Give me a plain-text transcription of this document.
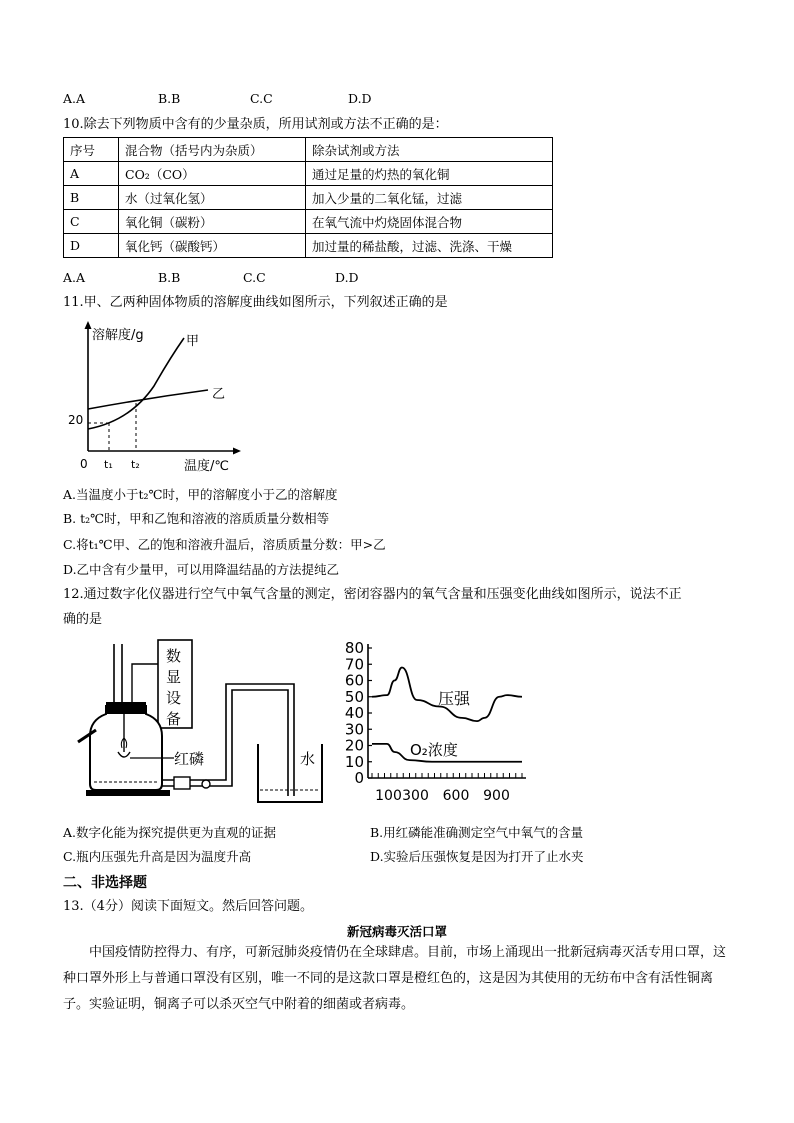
A.A	B.B	C.C	D.D
10.除去下列物质中含有的少量杂质，所用试剂或方法不正确的是：
序号	混合物（括号内为杂质）	除杂试剂或方法
A	CO₂（CO）	通过足量的灼热的氧化铜
B	水（过氧化氢）	加入少量的二氧化锰，过滤
C	氧化铜（碳粉）	在氧气流中灼烧固体混合物
D	氧化钙（碳酸钙）	加过量的稀盐酸，过滤、洗涤、干燥
A.A	B.B	C.C	D.D
11.甲、乙两种固体物质的溶解度曲线如图所示，下列叙述正确的是
溶解度/g	甲
乙
20
0 t₁ t₂	温度/℃
A.当温度小于t₂℃时，甲的溶解度小于乙的溶解度
B. t₂℃时，甲和乙饱和溶液的溶质质量分数相等
C.将t₁℃甲、乙的饱和溶液升温后，溶质质量分数：甲>乙
D.乙中含有少量甲，可以用降温结晶的方法提纯乙
12.通过数字化仪器进行空气中氧气含量的测定，密闭容器内的氧气含量和压强变化曲线如图所示，说法不正
确的是
数
显
设
备
红磷	水
80
70
60
50
40
30
20
10
0
100 300 600 900
压强
O₂浓度
A.数字化能为探究提供更为直观的证据	B.用红磷能准确测定空气中氧气的含量
C.瓶内压强先升高是因为温度升高	D.实验后压强恢复是因为打开了止水夹
二、非选择题
13.（4分）阅读下面短文。然后回答问题。
新冠病毒灭活口罩
中国疫情防控得力、有序，可新冠肺炎疫情仍在全球肆虐。目前，市场上涌现出一批新冠病毒灭活专用口罩，这种口罩外形上与普通口罩没有区别，唯一不同的是这款口罩是橙红色的，这是因为其使用的无纺布中含有活性铜离子。实验证明，铜离子可以杀灭空气中附着的细菌或者病毒。
